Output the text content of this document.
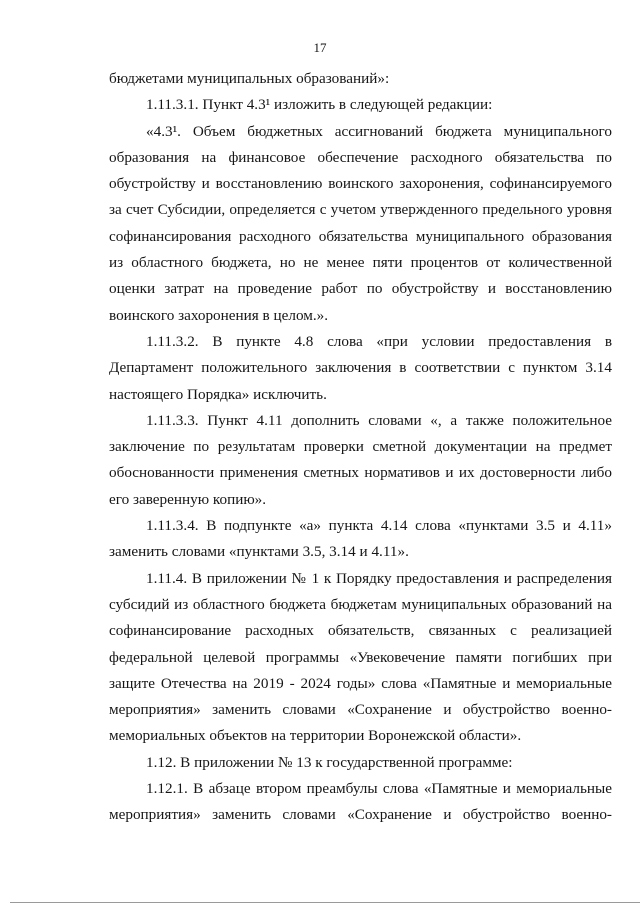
17

бюджетами муниципальных образований»:

1.11.3.1. Пункт 4.3¹ изложить в следующей редакции:

«4.3¹. Объем бюджетных ассигнований бюджета муниципального образования на финансовое обеспечение расходного обязательства по обустройству и восстановлению воинского захоронения, софинансируемого за счет Субсидии, определяется с учетом утвержденного предельного уровня софинансирования расходного обязательства муниципального образования из областного бюджета, но не менее пяти процентов от количественной оценки затрат на проведение работ по обустройству и восстановлению воинского захоронения в целом.».

1.11.3.2. В пункте 4.8 слова «при условии предоставления в Департамент положительного заключения в соответствии с пунктом 3.14 настоящего Порядка» исключить.

1.11.3.3. Пункт 4.11 дополнить словами «, а также положительное заключение по результатам проверки сметной документации на предмет обоснованности применения сметных нормативов и их достоверности либо его заверенную копию».

1.11.3.4. В подпункте «а» пункта 4.14 слова «пунктами 3.5 и 4.11» заменить словами «пунктами 3.5, 3.14 и 4.11».

1.11.4. В приложении № 1 к Порядку предоставления и распределения субсидий из областного бюджета бюджетам муниципальных образований на софинансирование расходных обязательств, связанных с реализацией федеральной целевой программы «Увековечение памяти погибших при защите Отечества на 2019 - 2024 годы» слова «Памятные и мемориальные мероприятия» заменить словами «Сохранение и обустройство военно-мемориальных объектов на территории Воронежской области».

1.12. В приложении № 13 к государственной программе:

1.12.1. В абзаце втором преамбулы слова «Памятные и мемориальные
мероприятия» заменить словами «Сохранение и обустройство военно-
